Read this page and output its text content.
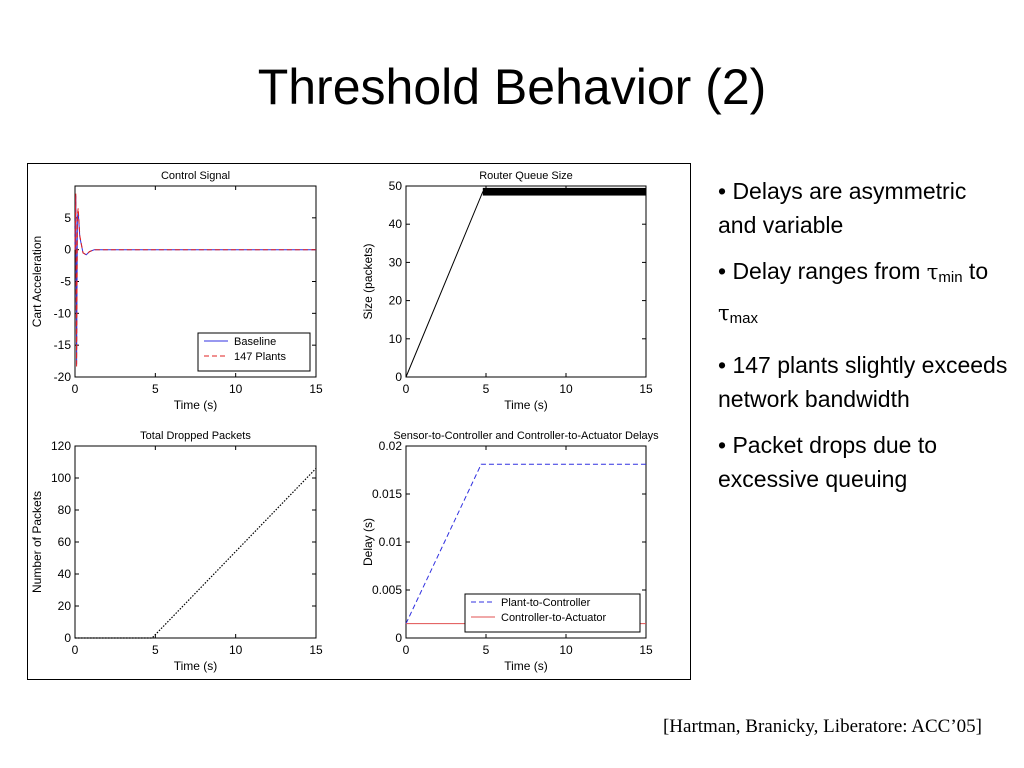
Threshold Behavior (2)
Control Signal
0	5	10	15
5
0
-5
-10
-15
-20
Time (s)
Cart Acceleration
Baseline
147 Plants
Router Queue Size
0	5	10	15
0
10
20
30
40
50
Time (s)
Size (packets)
Total Dropped Packets
0	5	10	15
0
20
40
60
80
100
120
Time (s)
Number of Packets
Sensor-to-Controller and Controller-to-Actuator Delays
0	5	10	15
0
0.005
0.01
0.015
0.02
Time (s)
Delay (s)
Plant-to-Controller
Controller-to-Actuator
• Delays are asymmetric and variable
• Delay ranges from $\tau_{min}$ to $\tau_{max}$
• 147 plants slightly exceeds network bandwidth
• Packet drops due to excessive queuing
[Hartman, Branicky, Liberatore: ACC’05]
